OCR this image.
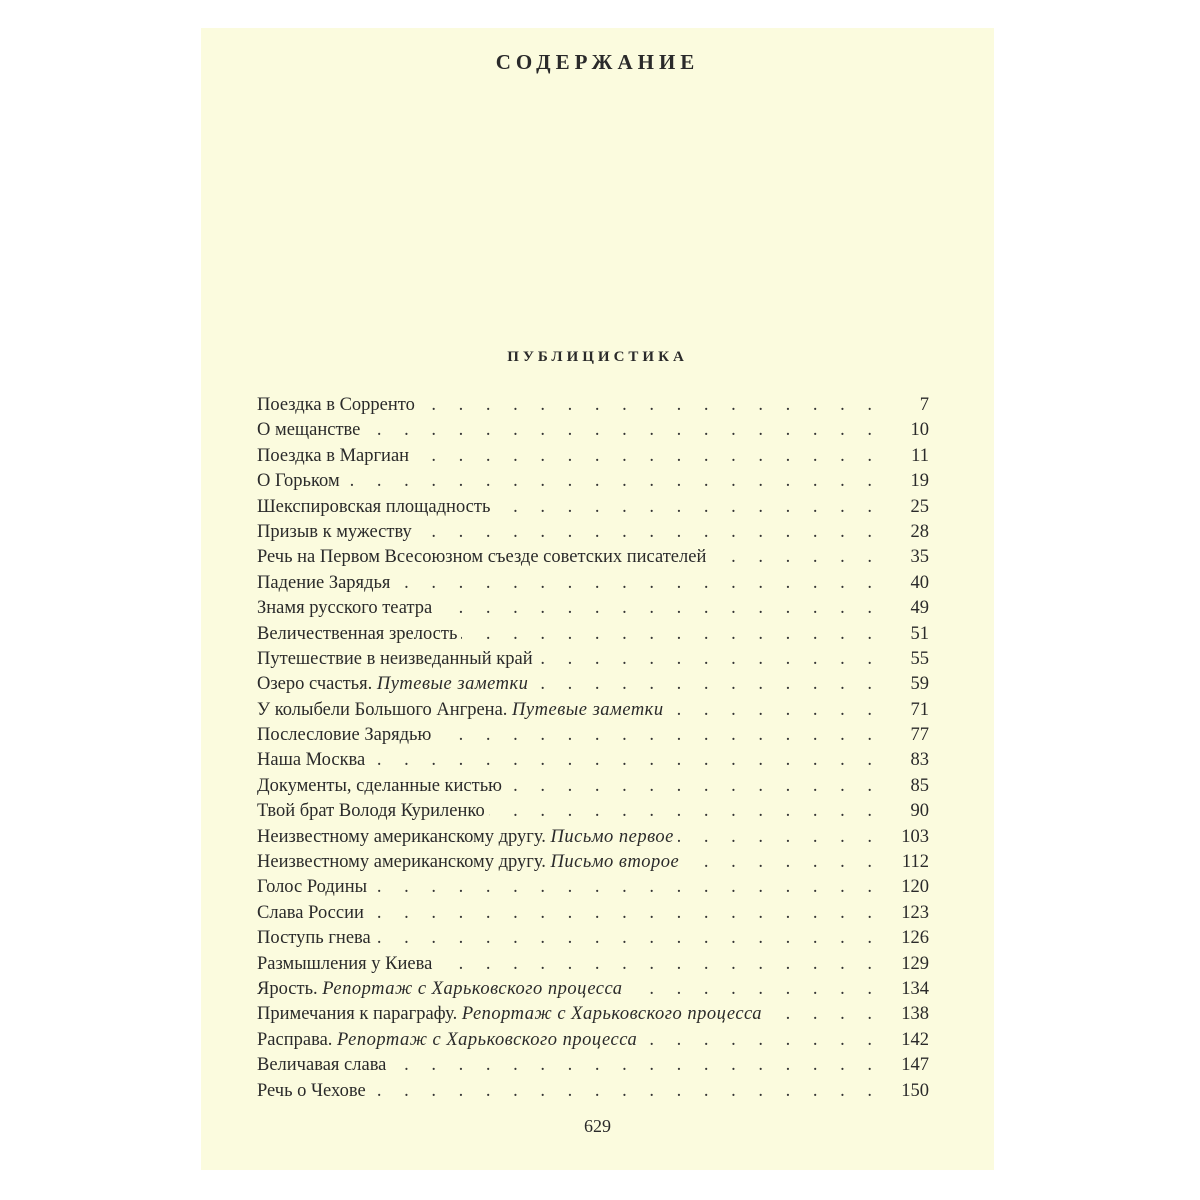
СОДЕРЖАНИЕ
ПУБЛИЦИСТИКА
Поездка в Сорренто . . .	7
О мещанстве . . .	10
Поездка в Маргиан . . .	11
О Горьком . . .	19
Шекспировская площадность . . .	25
Призыв к мужеству . . .	28
Речь на Первом Всесоюзном съезде советских писателей . . .	35
Падение Зарядья . . .	40
Знамя русского театра . . .	49
Величественная зрелость . . .	51
Путешествие в неизведанный край . . .	55
Озеро счастья. Путевые заметки . . .	59
У колыбели Большого Ангрена. Путевые заметки . . .	71
Послесловие Зарядью . . .	77
Наша Москва . . .	83
Документы, сделанные кистью . . .	85
Твой брат Володя Куриленко . . .	90
Неизвестному американскому другу. Письмо первое . . .	103
Неизвестному американскому другу. Письмо второе . . .	112
Голос Родины . . .	120
Слава России . . .	123
Поступь гнева . . .	126
Размышления у Киева . . .	129
Ярость. Репортаж с Харьковского процесса . . .	134
Примечания к параграфу. Репортаж с Харьковского процесса . . .	138
Расправа. Репортаж с Харьковского процесса . . .	142
Величавая слава . . .	147
Речь о Чехове . . .	150
629
